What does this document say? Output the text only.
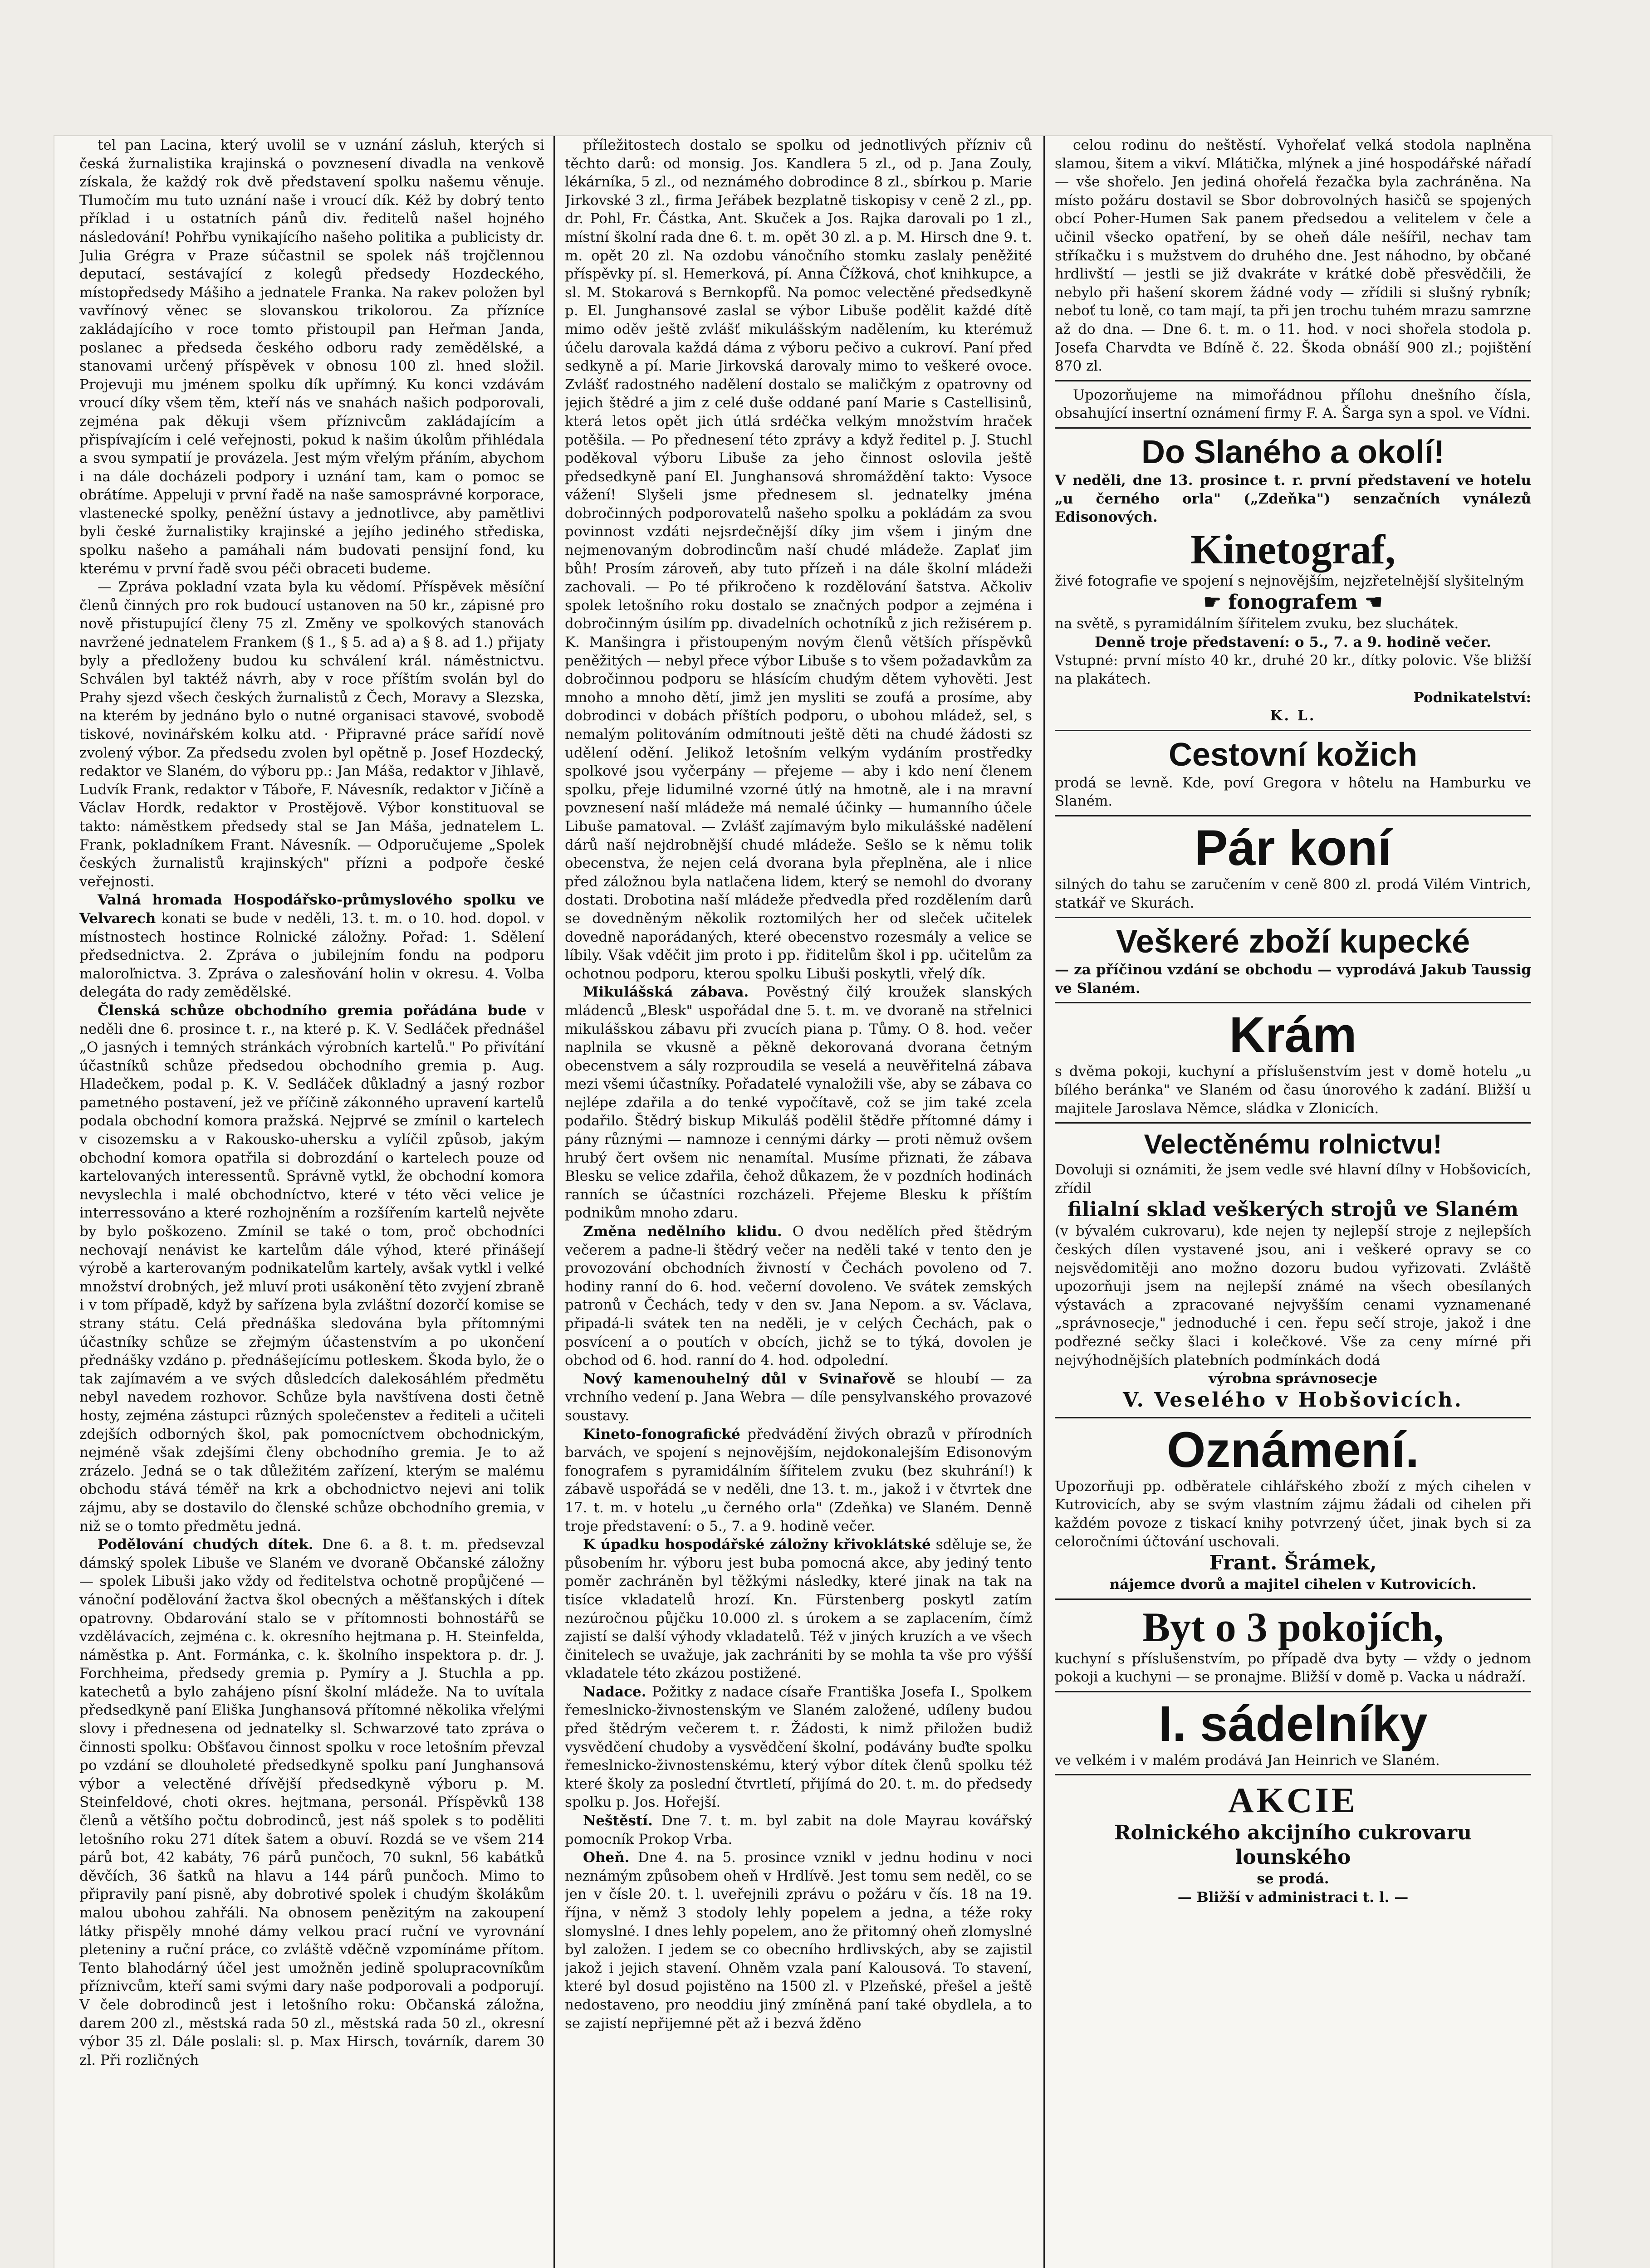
tel pan Lacina, který uvolil se v uznání zásluh, kterých si česká žurnalistika krajinská o povznesení divadla na venkově získala, že každý rok dvě představení spolku našemu věnuje. Tlumočím mu tuto uznání naše i vroucí dík. Kéž by dobrý tento příklad i u ostatních pánů div. ředitelů našel hojného následování! Pohřbu vynikajícího našeho politika a publicisty dr. Julia Grégra v Praze súčastnil se spolek náš trojčlennou deputací, sestávající z kolegů předsedy Hozdeckého, místopředsedy Mášiho a jednatele Franka. Na rakev položen byl vavřínový věnec se slovanskou trikolorou. Za přízníce zakládajícího v roce tomto přistoupil pan Heřman Janda, poslanec a předseda českého odboru rady zemědělské, a stanovami určený příspěvek v obnosu 100 zl. hned složil. Projevuji mu jménem spolku dík upřímný. Ku konci vzdávám vroucí díky všem těm, kteří nás ve snahách našich podporovali, zejména pak děkuji všem příznivcům zakládajícím a přispívajícím i celé veřejnosti, pokud k našim úkolům přihlédala a svou sympatií je provázela. Jest mým vřelým přáním, abychom i na dále docházeli podpory i uznání tam, kam o pomoc se obrátíme. Appeluji v první řadě na naše samosprávné korporace, vlastenecké spolky, peněžní ústavy a jednotlivce, aby pamětlivi byli české žurnalistiky krajinské a jejího jediného střediska, spolku našeho a pamáhali nám budovati pensijní fond, ku kterému v první řadě svou péči obraceti budeme.

— Zpráva pokladní vzata byla ku vědomí. Příspěvek měsíční členů činných pro rok budoucí ustanoven na 50 kr., zápisné pro nově přistupující členy 75 zl. Změny ve spolkových stanovách navržené jednatelem Frankem (§ 1., § 5. ad a) a § 8. ad 1.) přijaty byly a předloženy budou ku schválení král. náměstnictvu. Schválen byl taktéž návrh, aby v roce příštím svolán byl do Prahy sjezd všech českých žurnalistů z Čech, Moravy a Slezska, na kterém by jednáno bylo o nutné organisaci stavové, svobodě tiskové, novinářském kolku atd. · Připravné práce sařídí nově zvolený výbor. Za předsedu zvolen byl opětně p. Josef Hozdecký, redaktor ve Slaném, do výboru pp.: Jan Máša, redaktor v Jihlavě, Ludvík Frank, redaktor v Táboře, F. Návesník, redaktor v Jičíně a Václav Hordk, redaktor v Prostějově. Výbor konstituoval se takto: náměstkem předsedy stal se Jan Máša, jednatelem L. Frank, pokladníkem Frant. Návesník. — Odporučujeme „Spolek českých žurnalistů krajinských" přízni a podpoře české veřejnosti.

Valná hromada Hospodářsko-průmyslového spolku ve Velvarech konati se bude v neděli, 13. t. m. o 10. hod. dopol. v místnostech hostince Rolnické záložny. Pořad: 1. Sdělení předsednictva. 2. Zpráva o jubilejním fondu na podporu maloroľnictva. 3. Zpráva o zalesňování holin v okresu. 4. Volba delegáta do rady zemědělské.

Členská schůze obchodního gremia pořádána bude v neděli dne 6. prosince t. r., na které p. K. V. Sedláček přednášel „O jasných i temných stránkách výrobních kartelů." Po přivítání účastníků schůze předsedou obchodního gremia p. Aug. Hladečkem, podal p. K. V. Sedláček důkladný a jasný rozbor pametného postavení, jež ve příčině zákonného upravení kartelů podala obchodní komora pražská. Nejprvé se zmínil o kartelech v cisozemsku a v Rakousko-uhersku a vylíčil způsob, jakým obchodní komora opatřila si dobrozdání o kartelech pouze od kartelovaných interessentů. Správně vytkl, že obchodní komora nevyslechla i malé obchodníctvo, které v této věci velice je interressováno a které rozhojněním a rozšířením kartelů největe by bylo poškozeno. Zmínil se také o tom, proč obchodníci nechovají nenávist ke kartelům dále výhod, které přinášejí výrobě a karterovaným podnikatelům kartely, avšak vytkl i velké množství drobných, jež mluví proti usákonění těto zvyjení zbraně i v tom případě, když by sařízena byla zvláštní dozorčí komise se strany státu. Celá přednáška sledována byla přítomnými účastníky schůze se zřejmým účastenstvím a po ukončení přednášky vzdáno p. přednášejícímu potleskem. Škoda bylo, že o tak zajímavém a ve svých důsledcích dalekosáhlém předmětu nebyl navedem rozhovor. Schůze byla navštívena dosti četně hosty, zejména zástupci různých společenstev a řediteli a učiteli zdejších odborných škol, pak pomocníctvem obchodnickým, nejméně však zdejšími členy obchodního gremia. Je to až zrázelo. Jedná se o tak důležitém zařízení, kterým se malému obchodu stává téměř na krk a obchodnictvo nejevi ani tolik zájmu, aby se dostavilo do členské schůze obchodního gremia, v niž se o tomto předmětu jedná.

Podělování chudých dítek. Dne 6. a 8. t. m. předsevzal dámský spolek Libuše ve Slaném ve dvoraně Občanské záložny — spolek Libuši jako vždy od ředitelstva ochotně propůjčené — vánoční podělování žactva škol obecných a měšťanských i dítek opatrovny. Obdarování stalo se v přítomnosti bohnostářů se vzdělávacích, zejména c. k. okresního hejtmana p. H. Steinfelda, náměstka p. Ant. Formánka, c. k. školního inspektora p. dr. J. Forchheima, předsedy gremia p. Pymíry a J. Stuchla a pp. katechetů a bylo zahájeno písní školní mládeže. Na to uvítala předsedkyně paní Eliška Junghansová přítomné několika vřelými slovy i přednesena od jednatelky sl. Schwarzové tato zpráva o činnosti spolku: Obšťavou činnost spolku v roce letošním převzal po vzdání se dlouholeté předsedkyně spolku paní Junghansová výbor a velectěné dřívější předsedkyně výboru p. M. Steinfeldové, choti okres. hejtmana, personál. Příspěvků 138 členů a většího počtu dobrodinců, jest náš spolek s to poděliti letošního roku 271 dítek šatem a obuví. Rozdá se ve všem 214 párů bot, 42 kabáty, 76 párů punčoch, 70 suknl, 56 kabátků děvčích, 36 šatků na hlavu a 144 párů punčoch. Mimo to připravily paní pisně, aby dobrotivé spolek i chudým školákům malou ubohou zahřáli. Na obnosem penězitým na zakoupení látky přispěly mnohé dámy velkou prací ruční ve vyrovnání pleteniny a ruční práce, co zvláště vděčně vzpomínáme přítom. Tento blahodárný účel jest umožněn jedině spolupracovníkům příznivcům, kteří sami svými dary naše podporovali a podporují. V čele dobrodinců jest i letošního roku: Občanská záložna, darem 200 zl., městská rada 50 zl., městská rada 50 zl., okresní výbor 35 zl. Dále poslali: sl. p. Max Hirsch, továrník, darem 30 zl. Při rozličných

příležitostech dostalo se spolku od jednotlivých přízniv ců těchto darů: od monsig. Jos. Kandlera 5 zl., od p. Jana Zouly, lékárníka, 5 zl., od neznámého dobrodince 8 zl., sbírkou p. Marie Jirkovské 3 zl., firma Jeřábek bezplatně tiskopisy v ceně 2 zl., pp. dr. Pohl, Fr. Částka, Ant. Skuček a Jos. Rajka darovali po 1 zl., místní školní rada dne 6. t. m. opět 30 zl. a p. M. Hirsch dne 9. t. m. opět 20 zl. Na ozdobu vánočního stomku zaslaly peněžité příspěvky pí. sl. Hemerková, pí. Anna Čížková, choť knihkupce, a sl. M. Stokarová s Bernkopfů. Na pomoc velectěné předsedkyně p. El. Junghansové zaslal se výbor Libuše podělit každé dítě mimo oděv ještě zvlášť mikulášským nadělením, ku kterémuž účelu darovala každá dáma z výboru pečivo a cukroví. Paní před sedkyně a pí. Marie Jirkovská darovaly mimo to veškeré ovoce. Zvlášť radostného nadělení dostalo se maličkým z opatrovny od jejich štědré a jim z celé duše oddané paní Marie s Castellisinů, která letos opět jich útlá srdéčka velkým množstvím hraček potěšila. — Po přednesení této zprávy a když ředitel p. J. Stuchl poděkoval výboru Libuše za jeho činnost oslovila ještě předsedkyně paní El. Junghansová shromáždění takto: Vysoce vážení! Slyšeli jsme přednesem sl. jednatelky jména dobročinných podporovatelů našeho spolku a pokládám za svou povinnost vzdáti nejsrdečnější díky jim všem i jiným dne nejmenovaným dobrodincům naší chudé mládeže. Zaplať jim bůh! Prosím zároveň, aby tuto přízeň i na dále školní mládeži zachovali. — Po té přikročeno k rozdělování šatstva. Ačkoliv spolek letošního roku dostalo se značných podpor a zejména i dobročinným úsilím pp. divadelních ochotníků z jich režisérem p. K. Manšingra i přistoupeným novým členů větších příspěvků peněžitých — nebyl přece výbor Libuše s to všem požadavkům za dobročinnou podporu se hlásícím chudým dětem vyhověti. Jest mnoho a mnoho dětí, jimž jen mysliti se zoufá a prosíme, aby dobrodinci v dobách příštích podporu, o ubohou mládež, sel, s nemalým politováním odmítnouti ještě děti na chudé žádosti sz udělení odění. Jelikož letošním velkým vydáním prostředky spolkové jsou vyčerpány — přejeme — aby i kdo není členem spolku, přeje lidumilné vzorné útlý na hmotně, ale i na mravní povznesení naší mládeže má nemalé účinky — humanního účele Libuše pamatoval. — Zvlášť zajímavým bylo mikulášské nadělení dárů naší nejdrobnější chudé mládeže. Sešlo se k němu tolik obecenstva, že nejen celá dvorana byla přeplněna, ale i nlice před záložnou byla natlačena lidem, který se nemohl do dvorany dostati. Drobotina naší mládeže předvedla před rozdělením darů se dovedněným několik roztomilých her od sleček učitelek dovedně naporádaných, které obecenstvo rozesmály a velice se líbily. Však vděčit jim proto i pp. řiditelům škol i pp. učitelům za ochotnou podporu, kterou spolku Libuši poskytli, vřelý dík.

Mikulášská zábava. Pověstný čilý kroužek slanských mládenců „Blesk" uspořádal dne 5. t. m. ve dvoraně na střelnici mikulášskou zábavu při zvucích piana p. Tůmy. O 8. hod. večer naplnila se vkusně a pěkně dekorovaná dvorana četným obecenstvem a sály rozproudila se veselá a neuvěřitelná zábava mezi všemi účastníky. Pořadatelé vynaložili vše, aby se zábava co nejlépe zdařila a do tenké vypočítavě, což se jim také zcela podařilo. Štědrý biskup Mikuláš podělil štědře přítomné dámy i pány různými — namnoze i cennými dárky — proti němuž ovšem hrubý čert ovšem nic nenamítal. Musíme přiznati, že zábava Blesku se velice zdařila, čehož důkazem, že v pozdních hodinách ranních se účastníci rozcházeli. Přejeme Blesku k příštím podnikům mnoho zdaru.

Změna nedělního klidu. O dvou nedělích před štědrým večerem a padne-li štědrý večer na neděli také v tento den je provozování obchodních živností v Čechách povoleno od 7. hodiny ranní do 6. hod. večerní dovoleno. Ve svátek zemských patronů v Čechách, tedy v den sv. Jana Nepom. a sv. Václava, připadá-li svátek ten na neděli, je v celých Čechách, pak o posvícení a o poutích v obcích, jichž se to týká, dovolen je obchod od 6. hod. ranní do 4. hod. odpolední.

Nový kamenouhelný důl v Svinařově se hloubí — za vrchního vedení p. Jana Webra — díle pensylvanského provazové soustavy.

Kineto-fonografické předvádění živých obrazů v přírodních barvách, ve spojení s nejnovějším, nejdokonalejším Edisonovým fonografem s pyramidálním šířitelem zvuku (bez skuhrání!) k zábavě uspořádá se v neděli, dne 13. t. m., jakož i v čtvrtek dne 17. t. m. v hotelu „u černého orla" (Zdeňka) ve Slaném. Denně troje představení: o 5., 7. a 9. hodině večer.

K úpadku hospodářské záložny křivoklátské sděluje se, že působením hr. výboru jest buba pomocná akce, aby jediný tento poměr zachráněn byl těžkými následky, které jinak na tak na tisíce vkladatelů hrozí. Kn. Fürstenberg poskytl zatím nezúročnou půjčku 10.000 zl. s úrokem a se zaplacením, čímž zajistí se další výhody vkladatelů. Též v jiných kruzích a ve všech činitelech se uvažuje, jak zachrániti by se mohla ta vše pro výšší vkladatele této zkázou postižené.

Nadace. Požitky z nadace císaře Františka Josefa I., Spolkem řemeslnicko-živnostenským ve Slaném založené, udíleny budou před štědrým večerem t. r. Žádosti, k nimž přiložen budiž vysvědčení chudoby a vysvědčení školní, podávány buďte spolku řemeslnicko-živnostenskému, který výbor dítek členů spolku též které školy za poslední čtvrtletí, přijímá do 20. t. m. do předsedy spolku p. Jos. Hořejší.

Neštěstí. Dne 7. t. m. byl zabit na dole Mayrau kovářský pomocník Prokop Vrba.

Oheň. Dne 4. na 5. prosince vznikl v jednu hodinu v noci neznámým způsobem oheň v Hrdlívě. Jest tomu sem neděl, co se jen v čísle 20. t. l. uveřejnili zprávu o požáru v čís. 18 na 19. října, v němž 3 stodoly lehly popelem a jedna, a téže roky slomyslné. I dnes lehly popelem, ano že přitomný oheň zlomyslné byl založen. I jedem se co obecního hrdlivských, aby se zajistil jakož i jejich stavení. Ohněm vzala paní Kalousová. To stavení, které byl dosud pojistěno na 1500 zl. v Plzeňské, přešel a ještě nedostaveno, pro neoddiu jiný zmíněná paní také obydlela, a to se zajistí nepřijemné pět až i bezvá žděno

celou rodinu do neštěstí. Vyhořelať velká stodola naplněna slamou, šitem a vikví. Mlátička, mlýnek a jiné hospodářské nářadí — vše shořelo. Jen jediná ohořelá řezačka byla zachráněna. Na místo požáru dostavil se Sbor dobrovolných hasičů se spojených obcí Poher-Humen Sak panem předsedou a velitelem v čele a učinil všecko opatření, by se oheň dále nešířil, nechav tam stříkačku i s mužstvem do druhého dne. Jest náhodno, by občané hrdlivští — jestli se již dvakráte v krátké době přesvědčili, že nebylo při hašení skorem žádné vody — zřídili si slušný rybník; neboť tu loně, co tam mají, ta při jen trochu tuhém mrazu samrzne až do dna. — Dne 6. t. m. o 11. hod. v noci shořela stodola p. Josefa Charvdta ve Bdíně č. 22. Škoda obnáší 900 zl.; pojištění 870 zl.

Upozorňujeme na mimořádnou přílohu dnešního čísla, obsahující insertní oznámení firmy F. A. Šarga syn a spol. ve Vídni.

Do Slaného a okolí!

V neděli, dne 13. prosince t. r. první představení ve hotelu „u černého orla" („Zdeňka") senzačních vynálezů Edisonových.

Kinetograf,

živé fotografie ve spojení s nejnovějším, nejzřetelnější slyšitelným

☛ fonografem ☚

na světě, s pyramidálním šířitelem zvuku, bez sluchátek.

Denně troje představení: o 5., 7. a 9. hodině večer.

Vstupné: první místo 40 kr., druhé 20 kr., dítky polovic. Vše bližší na plakátech.

Podnikatelství:
K. L.
Cestovní kožich

prodá se levně. Kde, poví Gregora v hôtelu na Hamburku ve Slaném.

Pár koní

silných do tahu se zaručením v ceně 800 zl. prodá Vilém Vintrich, statkář ve Skurách.

Veškeré zboží kupecké

— za příčinou vzdání se obchodu — vyprodává Jakub Taussig ve Slaném.

Krám

s dvěma pokoji, kuchyní a příslušenstvím jest v domě hotelu „u bílého beránka" ve Slaném od času únorového k zadání. Bližší u majitele Jaroslava Němce, sládka v Zlonicích.

Velectěnému rolnictvu!

Dovoluji si oznámiti, že jsem vedle své hlavní dílny v Hobšovicích, zřídil

filialní sklad veškerých strojů ve Slaném

(v bývalém cukrovaru), kde nejen ty nejlepší stroje z nejlepších českých dílen vystavené jsou, ani i veškeré opravy se co nejsvědomitěji ano možno dozoru budou vyřizovati. Zvláště upozorňuji jsem na nejlepší známé na všech obesílaných výstavách a zpracované nejvyšším cenami vyznamenané „správnosecje," jednoduché i cen. řepu sečí stroje, jakož i dne podřezné sečky šlaci i kolečkové. Vše za ceny mírné při nejvýhodnějších platebních podmínkách dodá

výrobna správnosecje
V. Veselého v Hobšovicích.
Oznámení.

Upozorňuji pp. odběratele cihlářského zboží z mých cihelen v Kutrovicích, aby se svým vlastním zájmu žádali od cihelen při každém povoze z tiskací knihy potvrzený účet, jinak bych si za celoročními účtování uschovali.

Frant. Šrámek,
nájemce dvorů a majitel cihelen v Kutrovicích.
Byt o 3 pokojích,

kuchyní s příslušenstvím, po případě dva byty — vždy o jednom pokoji a kuchyni — se pronajme. Bližší v domě p. Vacka u nádraží.

I. sádelníky

ve velkém i v malém prodává Jan Heinrich ve Slaném.

AKCIE
Rolnického akcijního cukrovaru lounského
se prodá.
— Bližší v administraci t. l. —
